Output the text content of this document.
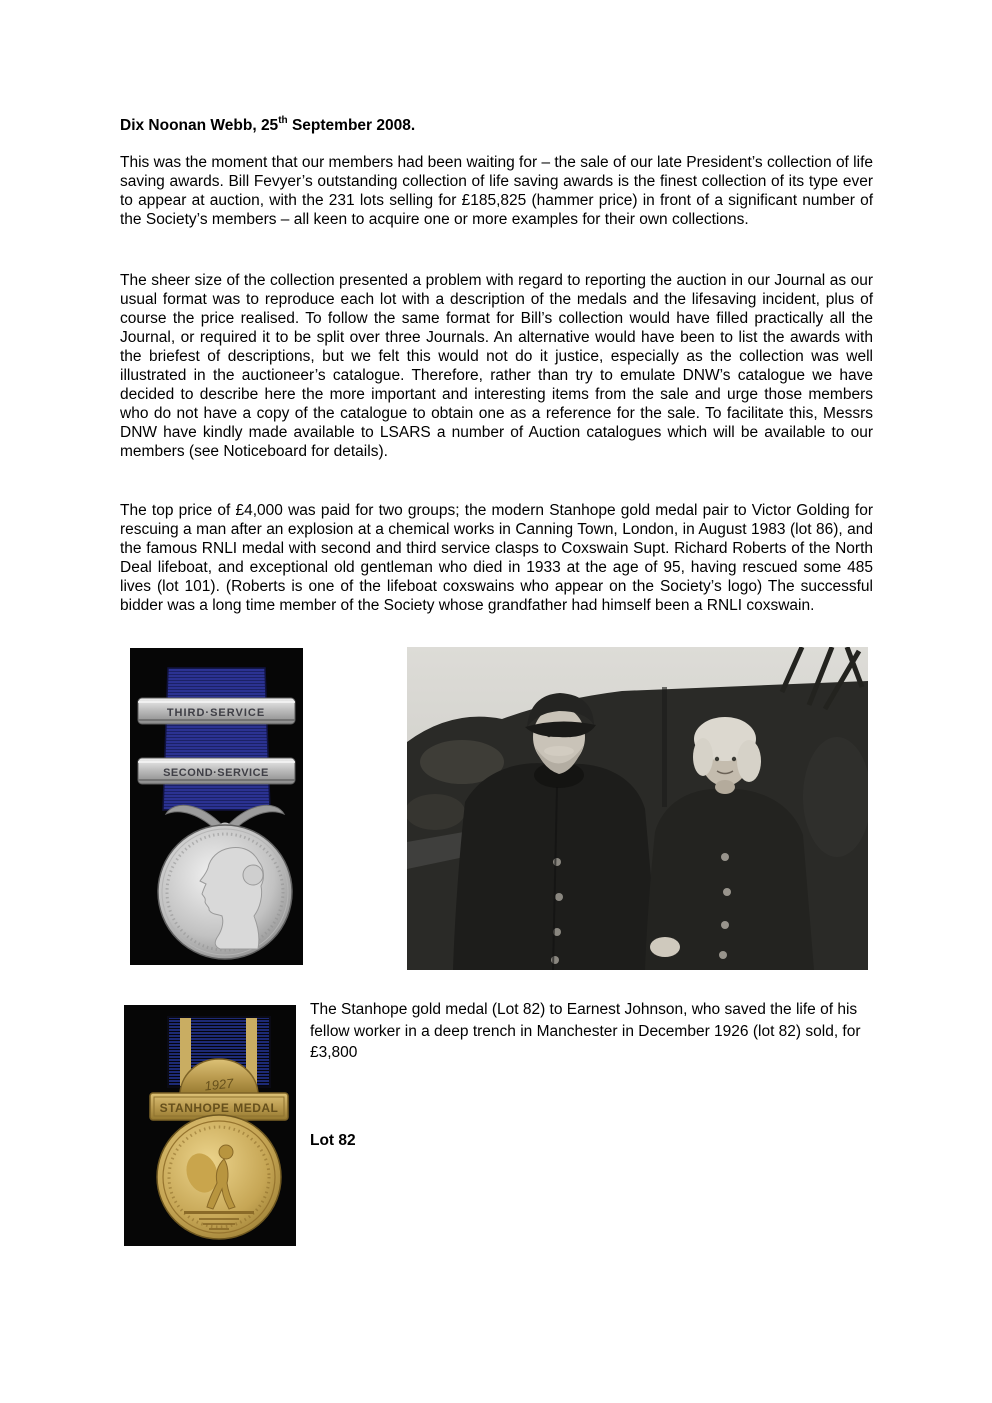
Dix Noonan Webb, 25th September 2008.

This was the moment that our members had been waiting for – the sale of our late President’s collection of life saving awards. Bill Fevyer’s outstanding collection of life saving awards is the finest collection of its type ever to appear at auction, with the 231 lots selling for £185,825 (hammer price) in front of a significant number of the Society’s members – all keen to acquire one or more examples for their own collections.

The sheer size of the collection presented a problem with regard to reporting the auction in our Journal as our usual format was to reproduce each lot with a description of the medals and the lifesaving incident, plus of course the price realised. To follow the same format for Bill’s collection would have filled practically all the Journal, or required it to be split over three Journals. An alternative would have been to list the awards with the briefest of descriptions, but we felt this would not do it justice, especially as the collection was well illustrated in the auctioneer’s catalogue. Therefore, rather than try to emulate DNW’s catalogue we have decided to describe here the more important and interesting items from the sale and urge those members who do not have a copy of the catalogue to obtain one as a reference for the sale. To facilitate this, Messrs DNW have kindly made available to LSARS a number of Auction catalogues which will be available to our members (see Noticeboard for details).

The top price of £4,000 was paid for two groups; the modern Stanhope gold medal pair to Victor Golding for rescuing a man after an explosion at a chemical works in Canning Town, London, in August 1983 (lot 86), and the famous RNLI medal with second and third service clasps to Coxswain Supt. Richard Roberts of the North Deal lifeboat, and exceptional old gentleman who died in 1933 at the age of 95, having rescued some 485 lives (lot 101). (Roberts is one of the lifeboat coxswains who appear on the Society’s logo) The successful bidder was a long time member of the Society whose grandfather had himself been a RNLI coxswain.

THIRD·SERVICE
SECOND·SERVICE
1927
STANHOPE MEDAL

The Stanhope gold medal (Lot 82) to Earnest Johnson, who saved the life of his fellow worker in a deep trench in Manchester in December 1926 (lot 82) sold, for £3,800

Lot 82
